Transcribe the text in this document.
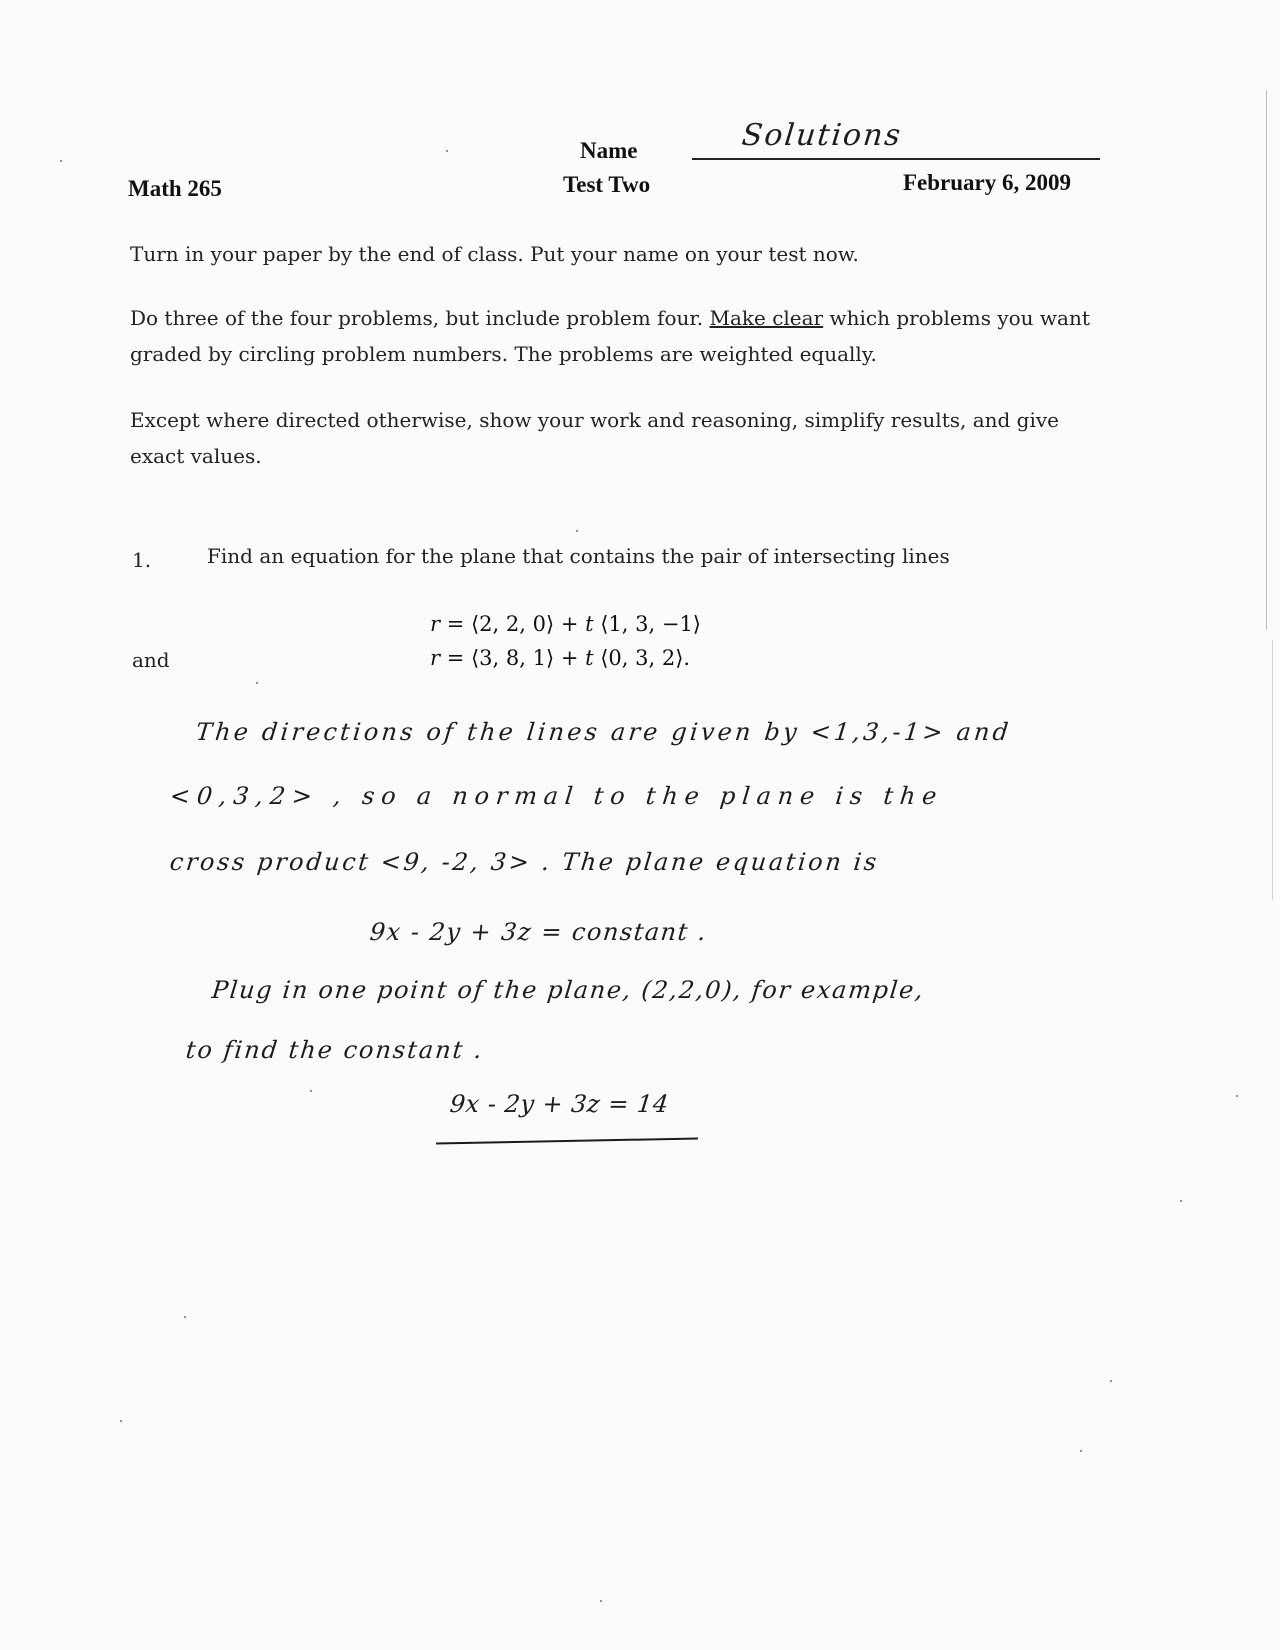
Name	Solutions
Math 265	Test Two	February 6, 2009
Turn in your paper by the end of class. Put your name on your test now.
Do three of the four problems, but include problem four. Make clear which problems you want graded by circling problem numbers. The problems are weighted equally.
Except where directed otherwise, show your work and reasoning, simplify results, and give exact values.
1.	Find an equation for the plane that contains the pair of intersecting lines
r = ⟨2, 2, 0⟩ + t ⟨1, 3, −1⟩
and	r = ⟨3, 8, 1⟩ + t ⟨0, 3, 2⟩.
The directions of the lines are given by <1,3,-1> and
<0,3,2> , so a normal to the plane is the
cross product <9, -2, 3> . The plane equation is
9x - 2y + 3z = constant .
Plug in one point of the plane, (2,2,0), for example,
to find the constant .
9x - 2y + 3z = 14
